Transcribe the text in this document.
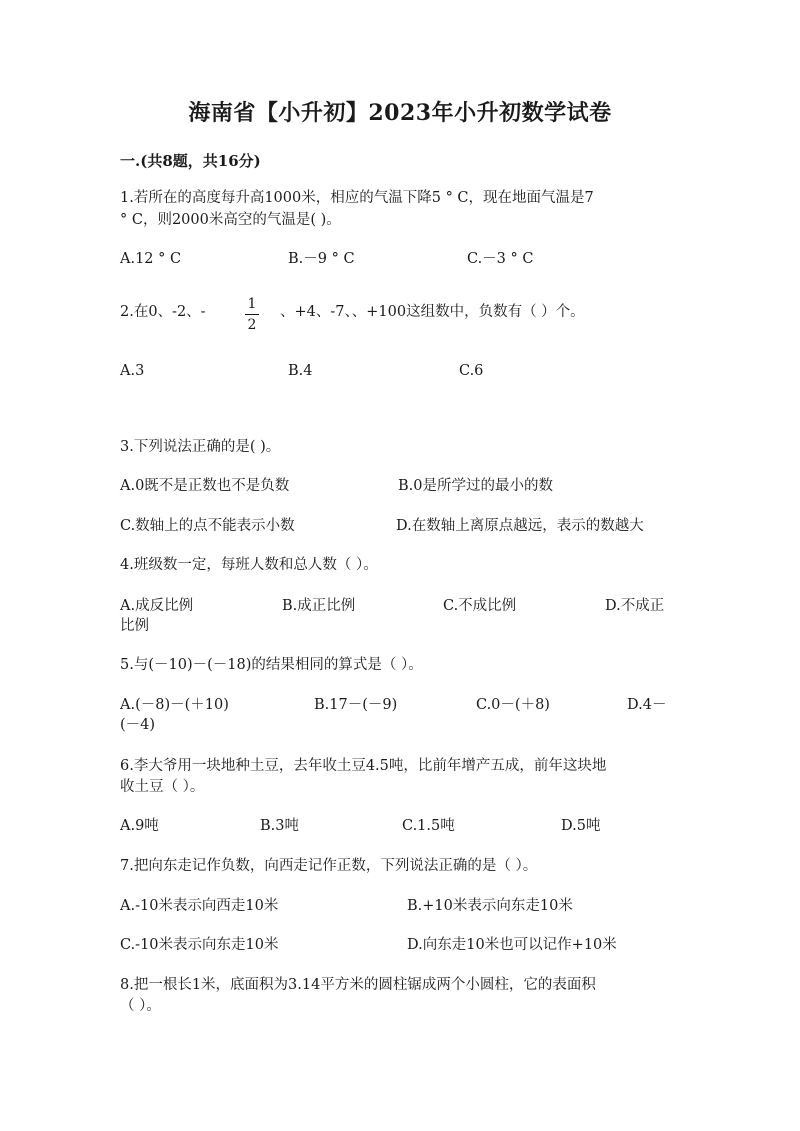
海南省【小升初】2023年小升初数学试卷
一.(共8题，共16分)
1.若所在的高度每升高1000米，相应的气温下降5 ° C，现在地面气温是7
° C，则2000米高空的气温是( )。
A.12 ° C	B.－9 ° C	C.－3 ° C
2.在0、-2、-	1
2
、+4、-7、、+100这组数中，负数有（ ）个。
A.3	B.4	C.6
3.下列说法正确的是( )。
A.0既不是正数也不是负数	B.0是所学过的最小的数
C.数轴上的点不能表示小数	D.在数轴上离原点越远，表示的数越大
4.班级数一定，每班人数和总人数（ ）。
A.成反比例	B.成正比例	C.不成比例	D.不成正
比例
5.与(－10)－(－18)的结果相同的算式是（ ）。
A.(－8)－(＋10)	B.17－(－9)	C.0－(＋8)	D.4－
(－4)
6.李大爷用一块地种土豆，去年收土豆4.5吨，比前年增产五成，前年这块地
收土豆（ ）。
A.9吨	B.3吨	C.1.5吨	D.5吨
7.把向东走记作负数，向西走记作正数，下列说法正确的是（ ）。
A.-10米表示向西走10米	B.+10米表示向东走10米
C.-10米表示向东走10米	D.向东走10米也可以记作+10米
8.把一根长1米，底面积为3.14平方米的圆柱锯成两个小圆柱，它的表面积
（ ）。
